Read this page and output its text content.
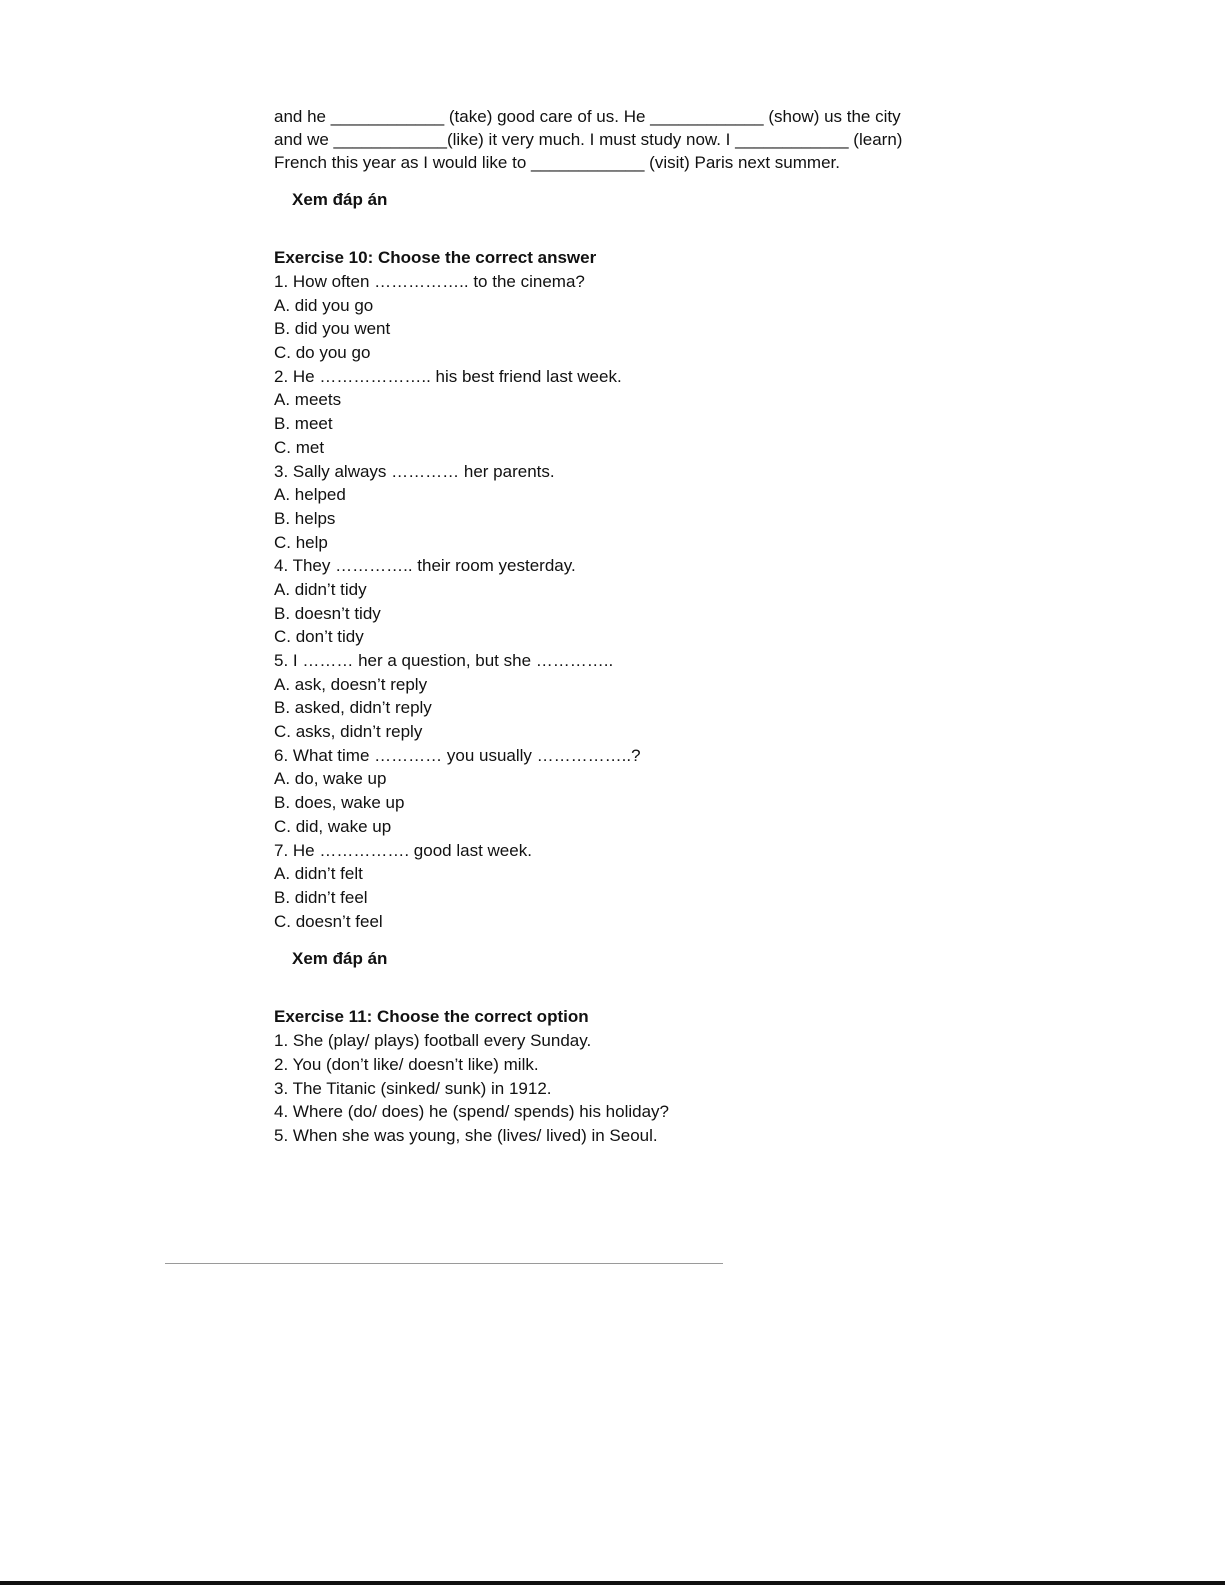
and he ____________ (take) good care of us. He ____________ (show) us the city
and we ____________(like) it very much. I must study now. I ____________ (learn)
French this year as I would like to ____________ (visit) Paris next summer.
Xem đáp án
Exercise 10: Choose the correct answer
1. How often …………….. to the cinema?
A. did you go
B. did you went
C. do you go
2. He ……………….. his best friend last week.
A. meets
B. meet
C. met
3. Sally always ………… her parents.
A. helped
B. helps
C. help
4. They ………….. their room yesterday.
A. didn’t tidy
B. doesn’t tidy
C. don’t tidy
5. I ……… her a question, but she …………..
A. ask, doesn’t reply
B. asked, didn’t reply
C. asks, didn’t reply
6. What time ………… you usually ……………..?
A. do, wake up
B. does, wake up
C. did, wake up
7. He ……………. good last week.
A. didn’t felt
B. didn’t feel
C. doesn’t feel
Xem đáp án
Exercise 11: Choose the correct option
1. She (play/ plays) football every Sunday.
2. You (don’t like/ doesn’t like) milk.
3. The Titanic (sinked/ sunk) in 1912.
4. Where (do/ does) he (spend/ spends) his holiday?
5. When she was young, she (lives/ lived) in Seoul.
